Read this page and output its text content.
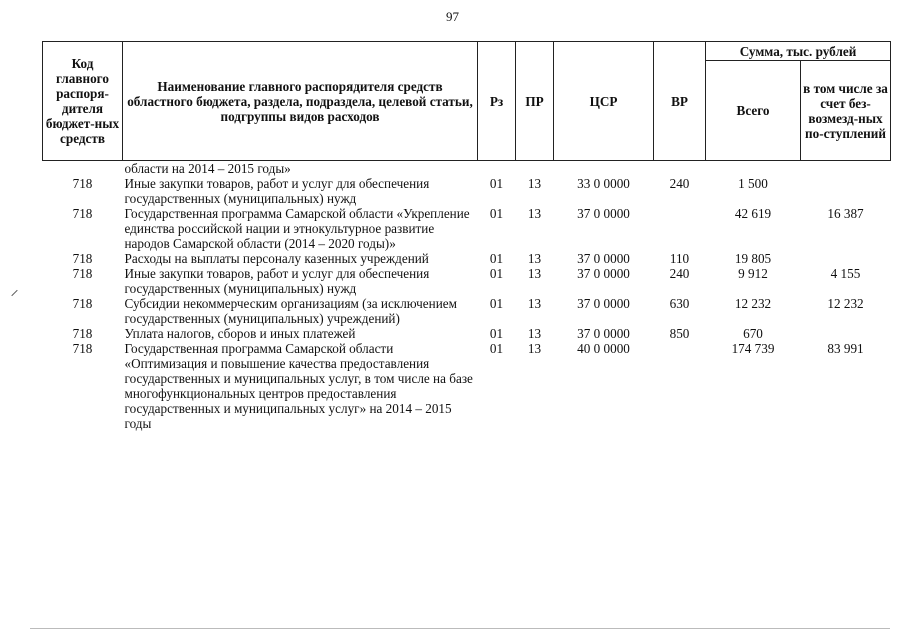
97
Код главного распоря-дителя бюджет-ных средств	Наименование главного распорядителя средств областного бюджета, раздела, подраздела, целевой статьи, подгруппы видов расходов	Рз	ПР	ЦСР	ВР	Сумма, тыс. рублей	
						Всего	в том числе за счет без-возмезд-ных по-ступлений
	области на 2014 – 2015 годы»						
718	Иные закупки товаров, работ и услуг для обеспечения государственных (муниципальных) нужд	01	13	33 0 0000	240	1 500	
718	Государственная программа Самарской области «Укрепление единства российской нации и этнокультурное развитие народов Самарской области (2014 – 2020 годы)»	01	13	37 0 0000		42 619	16 387
718	Расходы на выплаты персоналу казенных учреждений	01	13	37 0 0000	110	19 805	
718	Иные закупки товаров, работ и услуг для обеспечения государственных (муниципальных) нужд	01	13	37 0 0000	240	9 912	4 155
718	Субсидии некоммерческим организациям (за исключением государственных (муниципальных) учреждений)	01	13	37 0 0000	630	12 232	12 232
718	Уплата налогов, сборов и иных платежей	01	13	37 0 0000	850	670	
718	Государственная программа Самарской области «Оптимизация и повышение качества предоставления государственных и муниципальных услуг, в том числе на базе многофункциональных центров предоставления государственных и муниципальных услуг» на 2014 – 2015 годы	01	13	40 0 0000		174 739	83 991
